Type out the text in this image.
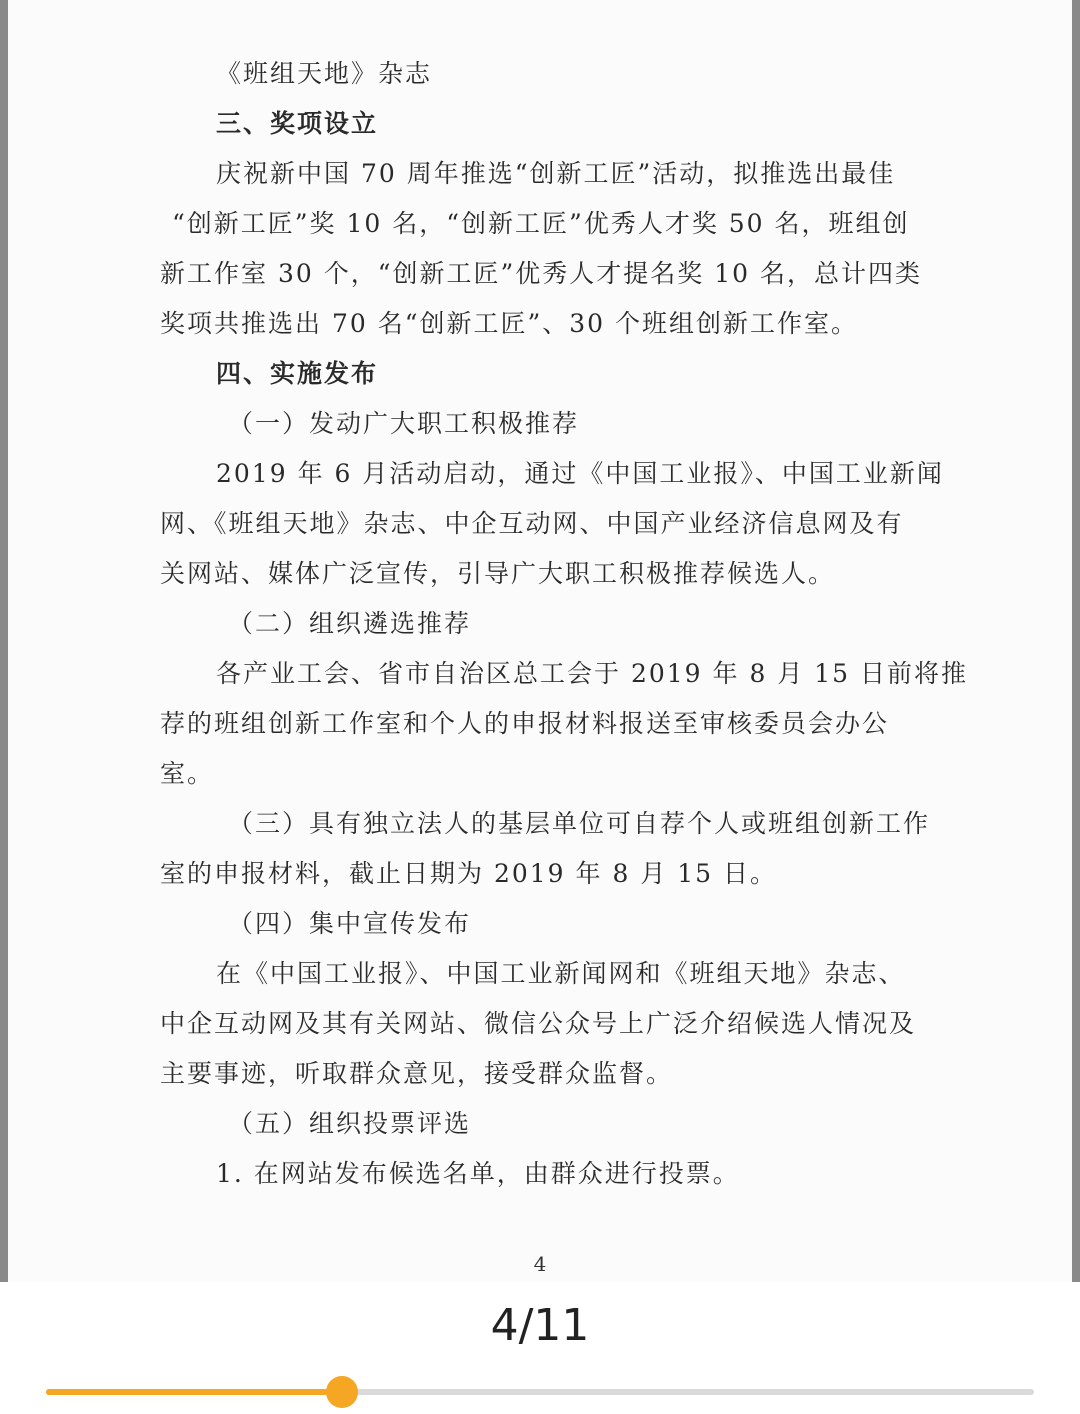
《班组天地》杂志
三、奖项设立
庆祝新中国 70 周年推选“创新工匠”活动，拟推选出最佳
“创新工匠”奖 10 名，“创新工匠”优秀人才奖 50 名，班组创
新工作室 30 个，“创新工匠”优秀人才提名奖 10 名，总计四类
奖项共推选出 70 名“创新工匠”、30 个班组创新工作室。
四、实施发布
（一）发动广大职工积极推荐
2019 年 6 月活动启动，通过《中国工业报》、中国工业新闻
网、《班组天地》杂志、中企互动网、中国产业经济信息网及有
关网站、媒体广泛宣传，引导广大职工积极推荐候选人。
（二）组织遴选推荐
各产业工会、省市自治区总工会于 2019 年 8 月 15 日前将推
荐的班组创新工作室和个人的申报材料报送至审核委员会办公
室。
（三）具有独立法人的基层单位可自荐个人或班组创新工作
室的申报材料，截止日期为 2019 年 8 月 15 日。
（四）集中宣传发布
在《中国工业报》、中国工业新闻网和《班组天地》杂志、
中企互动网及其有关网站、微信公众号上广泛介绍候选人情况及
主要事迹，听取群众意见，接受群众监督。
（五）组织投票评选
1. 在网站发布候选名单，由群众进行投票。
4
4/11
